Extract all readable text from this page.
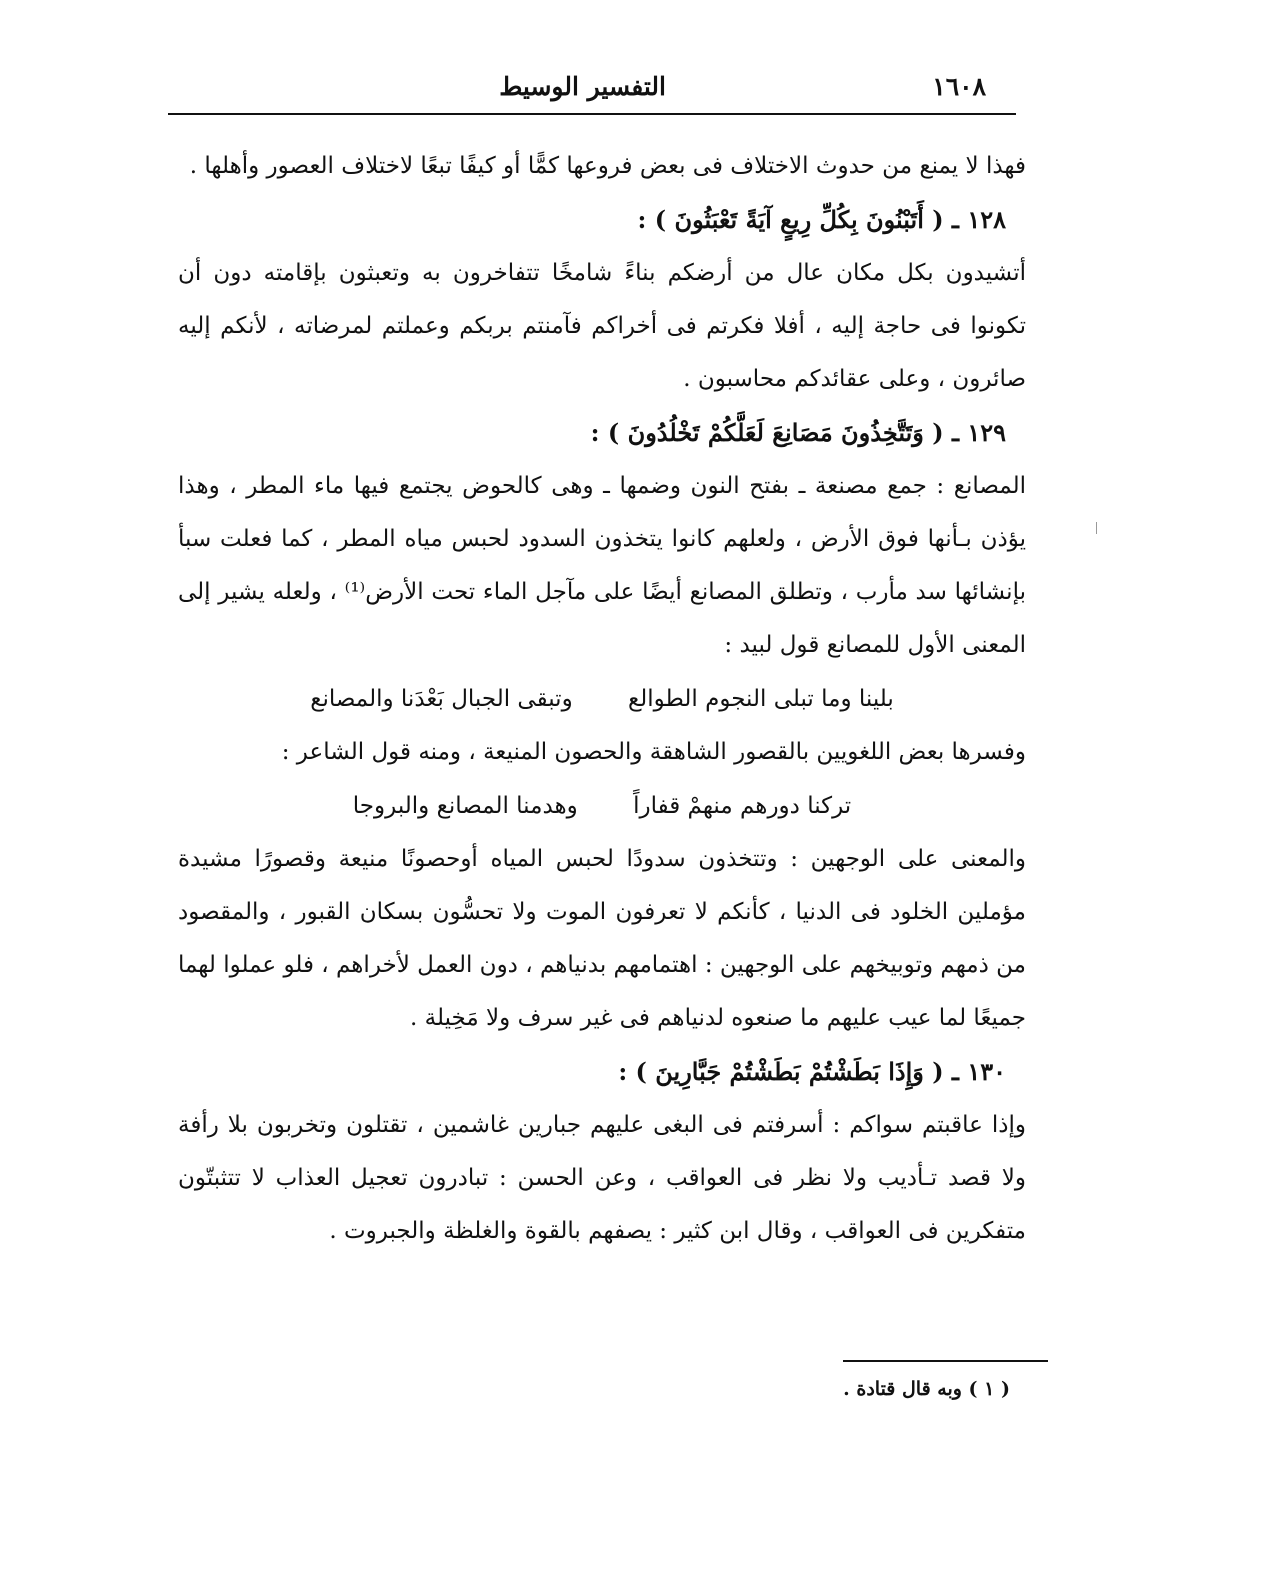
١٦٠٨
التفسير الوسيط

فهذا لا يمنع من حدوث الاختلاف فى بعض فروعها كمًّا أو كيفًا تبعًا لاختلاف العصور وأهلها .

١٢٨ ـ ( أَتَبْنُونَ بِكُلِّ رِيعٍ آيَةً تَعْبَثُونَ ) :

أتشيدون بكل مكان عال من أرضكم بناءً شامخًا تتفاخرون به وتعبثون بإقامته دون أن تكونوا فى حاجة إليه ، أفلا فكرتم فى أخراكم فآمنتم بربكم وعملتم لمرضاته ، لأنكم إليه صائرون ، وعلى عقائدكم محاسبون .

١٢٩ ـ ( وَتَتَّخِذُونَ مَصَانِعَ لَعَلَّكُمْ تَخْلُدُونَ ) :

المصانع : جمع مصنعة ـ بفتح النون وضمها ـ وهى كالحوض يجتمع فيها ماء المطر ، وهذا يؤذن بـأنها فوق الأرض ، ولعلهم كانوا يتخذون السدود لحبس مياه المطر ، كما فعلت سبأ بإنشائها سد مأرب ، وتطلق المصانع أيضًا على مآجل الماء تحت الأرض⁽¹⁾ ، ولعله يشير إلى المعنى الأول للمصانع قول لبيد :

بلينا وما تبلى النجوم الطوالع وتبقى الجبال بَعْدَنا والمصانع

وفسرها بعض اللغويين بالقصور الشاهقة والحصون المنيعة ، ومنه قول الشاعر :

تركنا دورهم منهمْ قفاراً وهدمنا المصانع والبروجا

والمعنى على الوجهين : وتتخذون سدودًا لحبس المياه أوحصونًا منيعة وقصورًا مشيدة مؤملين الخلود فى الدنيا ، كأنكم لا تعرفون الموت ولا تحسُّون بسكان القبور ، والمقصود من ذمهم وتوبيخهم على الوجهين : اهتمامهم بدنياهم ، دون العمل لأخراهم ، فلو عملوا لهما جميعًا لما عيب عليهم ما صنعوه لدنياهم فى غير سرف ولا مَخِيلة .

١٣٠ ـ ( وَإِذَا بَطَشْتُمْ بَطَشْتُمْ جَبَّارِينَ ) :

وإذا عاقبتم سواكم : أسرفتم فى البغى عليهم جبارين غاشمين ، تقتلون وتخربون بلا رأفة ولا قصد تـأديب ولا نظر فى العواقب ، وعن الحسن : تبادرون تعجيل العذاب لا تتثبتّون متفكرين فى العواقب ، وقال ابن كثير : يصفهم بالقوة والغلظة والجبروت .

( ١ ) وبه قال قتادة .
